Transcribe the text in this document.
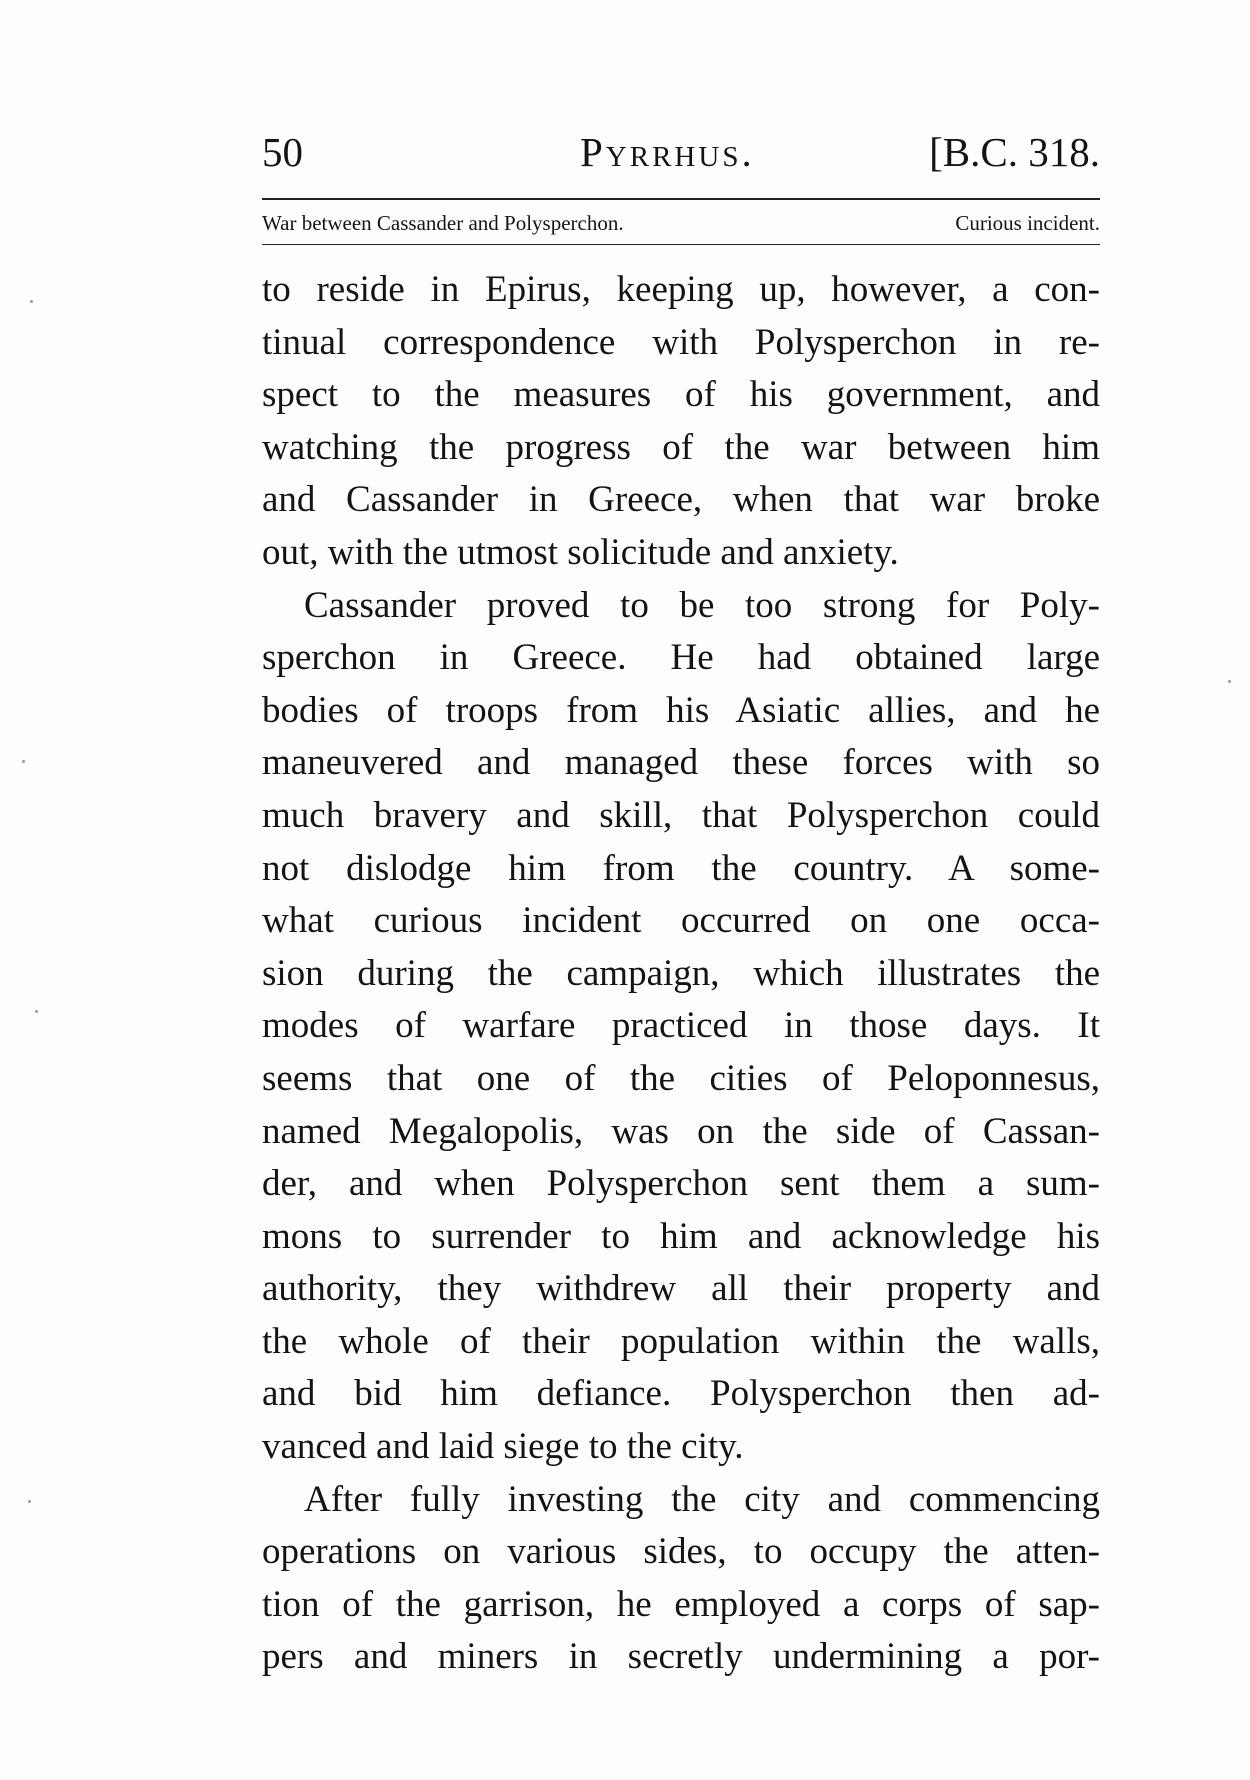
50	Pyrrhus.	[B.C. 318.
War between Cassander and Polysperchon.	Curious incident.
to reside in Epirus, keeping up, however, a con-
tinual correspondence with Polysperchon in re-
spect to the measures of his government, and
watching the progress of the war between him
and Cassander in Greece, when that war broke
out, with the utmost solicitude and anxiety.
Cassander proved to be too strong for Poly-
sperchon in Greece. He had obtained large
bodies of troops from his Asiatic allies, and he
maneuvered and managed these forces with so
much bravery and skill, that Polysperchon could
not dislodge him from the country. A some-
what curious incident occurred on one occa-
sion during the campaign, which illustrates the
modes of warfare practiced in those days. It
seems that one of the cities of Peloponnesus,
named Megalopolis, was on the side of Cassan-
der, and when Polysperchon sent them a sum-
mons to surrender to him and acknowledge his
authority, they withdrew all their property and
the whole of their population within the walls,
and bid him defiance. Polysperchon then ad-
vanced and laid siege to the city.
After fully investing the city and commencing
operations on various sides, to occupy the atten-
tion of the garrison, he employed a corps of sap-
pers and miners in secretly undermining a por-
